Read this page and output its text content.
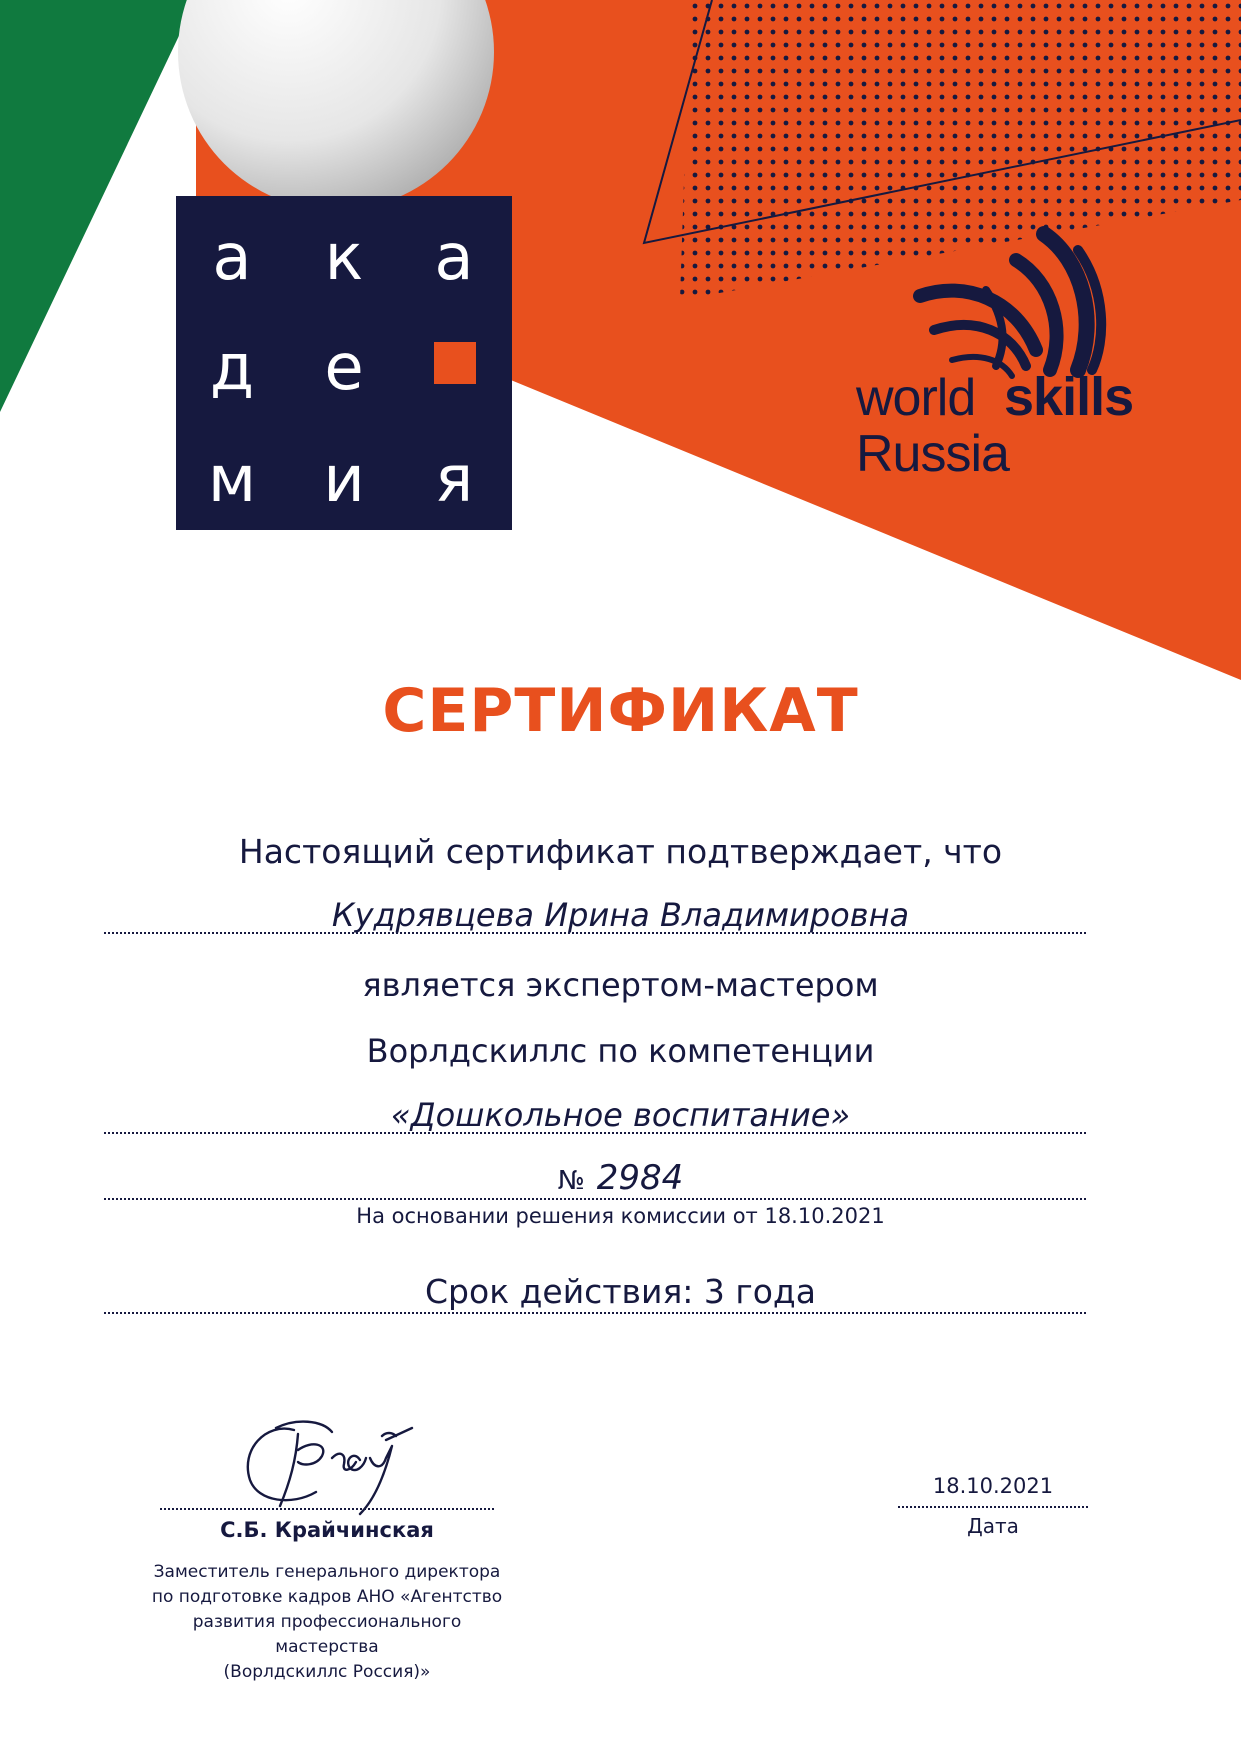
а	к	а
д	е
м	и	я
world skills
Russia
СЕРТИФИКАТ
Настоящий сертификат подтверждает, что
Кудрявцева Ирина Владимировна
является экспертом-мастером
Ворлдскиллс по компетенции
«Дошкольное воспитание»
№ 2984
На основании решения комиссии от 18.10.2021
Срок действия: 3 года
С.Б. Крайчинская
Заместитель генерального директора
по подготовке кадров АНО «Агентство
развития профессионального мастерства
(Ворлдскиллс Россия)»
18.10.2021
Дата
